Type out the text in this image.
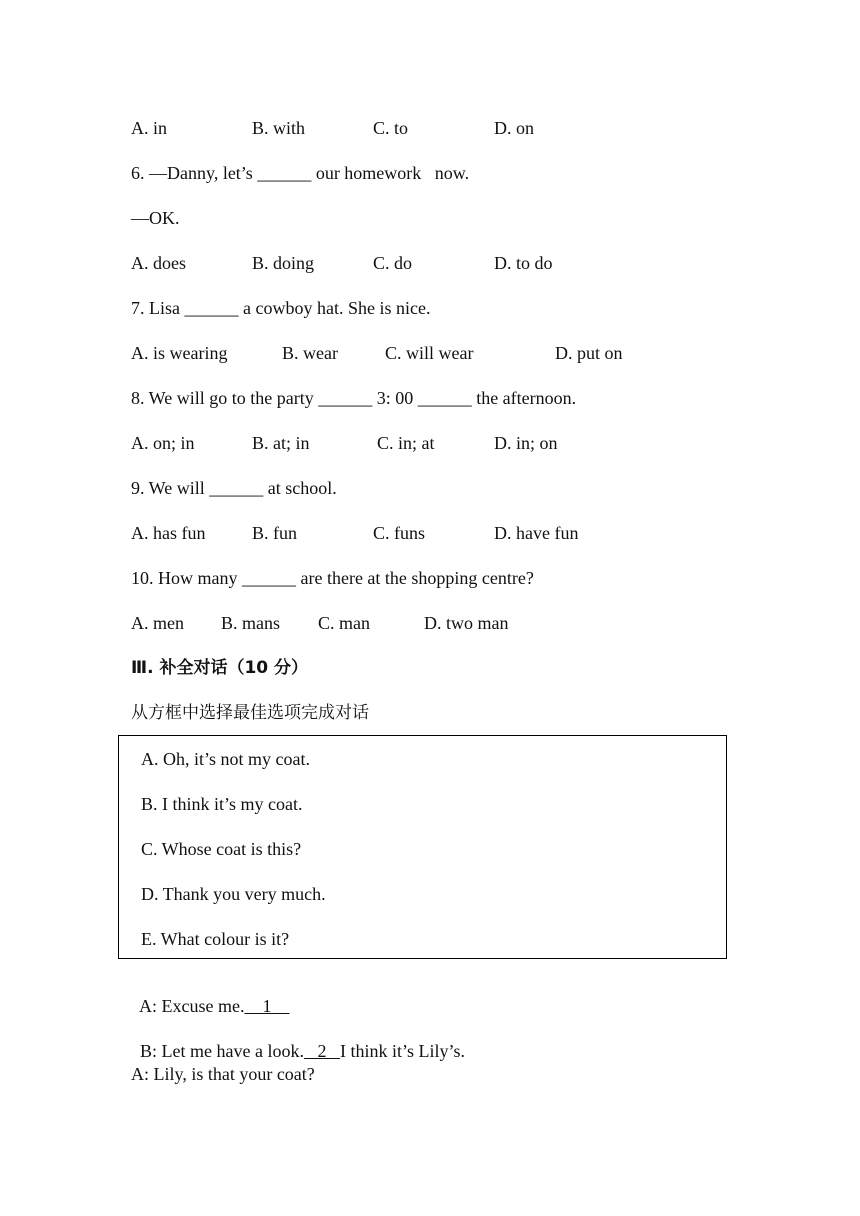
A. in	B. with	C. to	D. on
6. —Danny, let’s ______ our homework   now.
—OK.
A. does	B. doing	C. do	D. to do
7. Lisa ______ a cowboy hat. She is nice.
A. is wearing	B. wear	C. will wear	D. put on
8. We will go to the party ______ 3: 00 ______ the afternoon.
A. on; in	B. at; in	C. in; at	D. in; on
9. We will ______ at school.
A. has fun	B. fun	C. funs	D. have fun
10. How many ______ are there at the shopping centre?
A. men B. mans C. man	D. two man
Ⅲ. 补全对话（10 分）
从方框中选择最佳选项完成对话
A. Oh, it’s not my coat.
B. I think it’s my coat.
C. Whose coat is this?
D. Thank you very much.
E. What colour is it?

A: Excuse me.    1

B: Let me have a look.   2   I think it’s Lily’s.

A: Lily, is that your coat?
